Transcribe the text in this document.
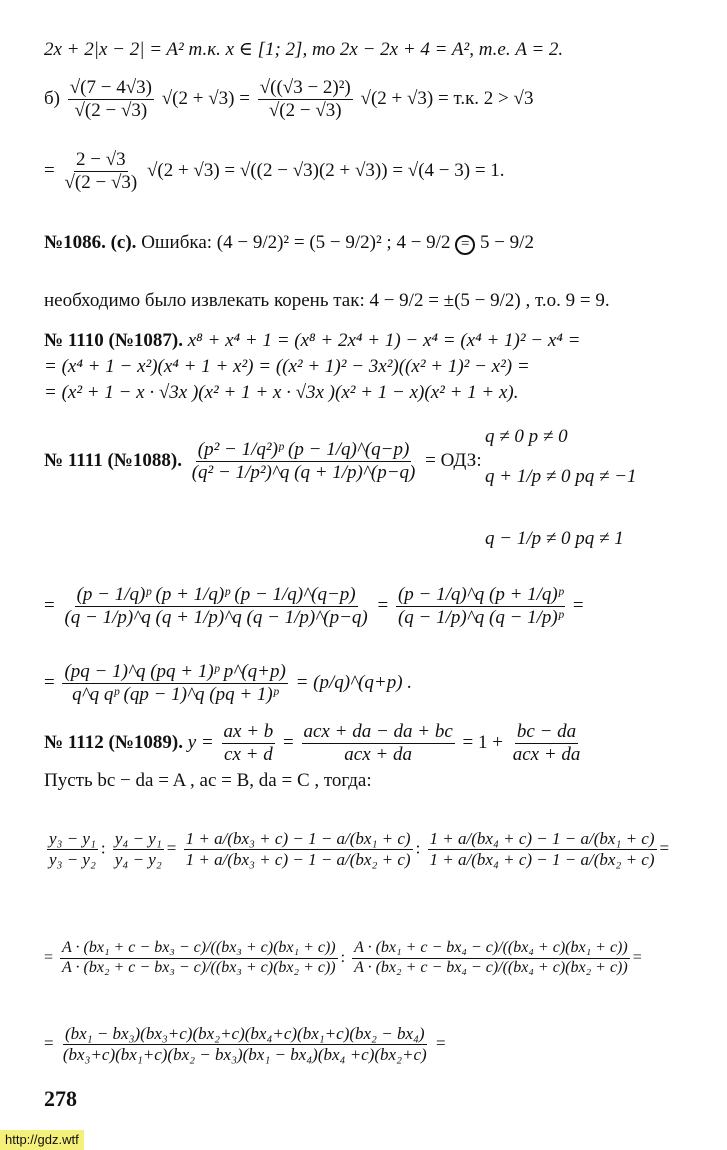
2x + 2|x − 2| = A² т.к. x ∈ [1; 2], то 2x − 2x + 4 = A², т.е. A = 2.
$б) \frac{√(7 - 4√3)}{√(2 - √3)} √(2 + √3) = \frac{\text{√((√3 − 2)²)}}{√(2 - √3)} √(2 + √3) = т.к$. 2 > √3
= $\frac{2 - √3}{√(2 - √3)} √(2 + √3) = √((2 - √3)(2 + √3)) = √(4 - 3) = 1$.
№1086. (с). Ошибка: (4 − 9/2)² = (5 − 9/2)² ; 4 − 9/2 = 5 − 9/2
необходимо было извлекать корень так: 4 − 9/2 = ±(5 − 9/2) , т.о. 9 = 9.
№ 1110 (№1087). x⁸ + x⁴ + 1 = (x⁸ + 2x⁴ + 1) − x⁴ = (x⁴ + 1)² − x⁴ =
= (x⁴ + 1 − x²)(x⁴ + 1 + x²) = ((x² + 1)² − 3x²)((x² + 1)² − x²) =
= (x² + 1 − x · √3x )(x² + 1 + x · √3x )(x² + 1 − x)(x² + 1 + x).
№ 1111 (№1088). $\frac{\text{(p² − 1/q²)ᵖ (p − 1/q)\textasciicircum{}(q−p)}}{\text{(q² − 1/p²)\textasciicircum{}q (q + 1/p)\textasciicircum{}(p−q)}}$ = ОДЗ:
q ≠ 0 p ≠ 0
q + 1/p ≠ 0 pq ≠ −1
q − 1/p ≠ 0 pq ≠ 1
= $\frac{\text{(p − 1/q)ᵖ (p + 1/q)ᵖ (p − 1/q)\textasciicircum{}(q−p)}}{(q - 1/p)\^{}q (q + 1/p)\^{}q (q - 1/p)\^{}(p-q)} = \frac{\text{(p − 1/q)\textasciicircum{}q (p + 1/q)ᵖ}}{\text{(q − 1/p)\textasciicircum{}q (q − 1/p)ᵖ}}$ =
= $\frac{\text{(pq − 1)\textasciicircum{}q (pq + 1)ᵖ p\textasciicircum{}(q+p)}}{\text{q\textasciicircum{}q qᵖ (qp − 1)\textasciicircum{}q (pq + 1)ᵖ}}$ = (p/q)^(q+p) .
№ 1112 (№1089). $y = \frac{ax + b}{cx + d} = \frac{\text{acx + da − da + bc}}{\text{acx + da}} = 1 + \frac{bc - da}{\text{acx + da}}$
Пусть bc − da = A , ac = B, da = C , тогда:
$\frac{\text{y₃ − y₁}}{\text{y₃ − y₂}}$ : $\frac{\text{y₄ − y₁}}{\text{y₄ − y₂}} = \frac{\text{1 + a/(bx₃ + c) − 1 − a/(bx₁ + c)}}{\text{1 + a/(bx₃ + c) − 1 − a/(bx₂ + c)}}$ : $\frac{\text{1 + a/(bx₄ + c) − 1 − a/(bx₁ + c)}}{\text{1 + a/(bx₄ + c) − 1 − a/(bx₂ + c)}}$ =
= $\frac{\text{A · (bx₁ + c − bx₃ − c)/((bx₃ + c)(bx₁ + c))}}{\text{A · (bx₂ + c − bx₃ − c)/((bx₃ + c)(bx₂ + c))}}$ : $\frac{\text{A · (bx₁ + c − bx₄ − c)/((bx₄ + c)(bx₁ + c))}}{\text{A · (bx₂ + c − bx₄ − c)/((bx₄ + c)(bx₂ + c))}}$ =
= $\frac{\text{(bx₁ − bx₃)(bx₃+c)(bx₂+c)(bx₄+c)(bx₁+c)(bx₂ − bx₄)}}{\text{(bx₃+c)(bx₁+c)(bx₂ − bx₃)(bx₁ − bx₄)(bx₄ +c)(bx₂+c)}}$ =
278
http://gdz.wtf
